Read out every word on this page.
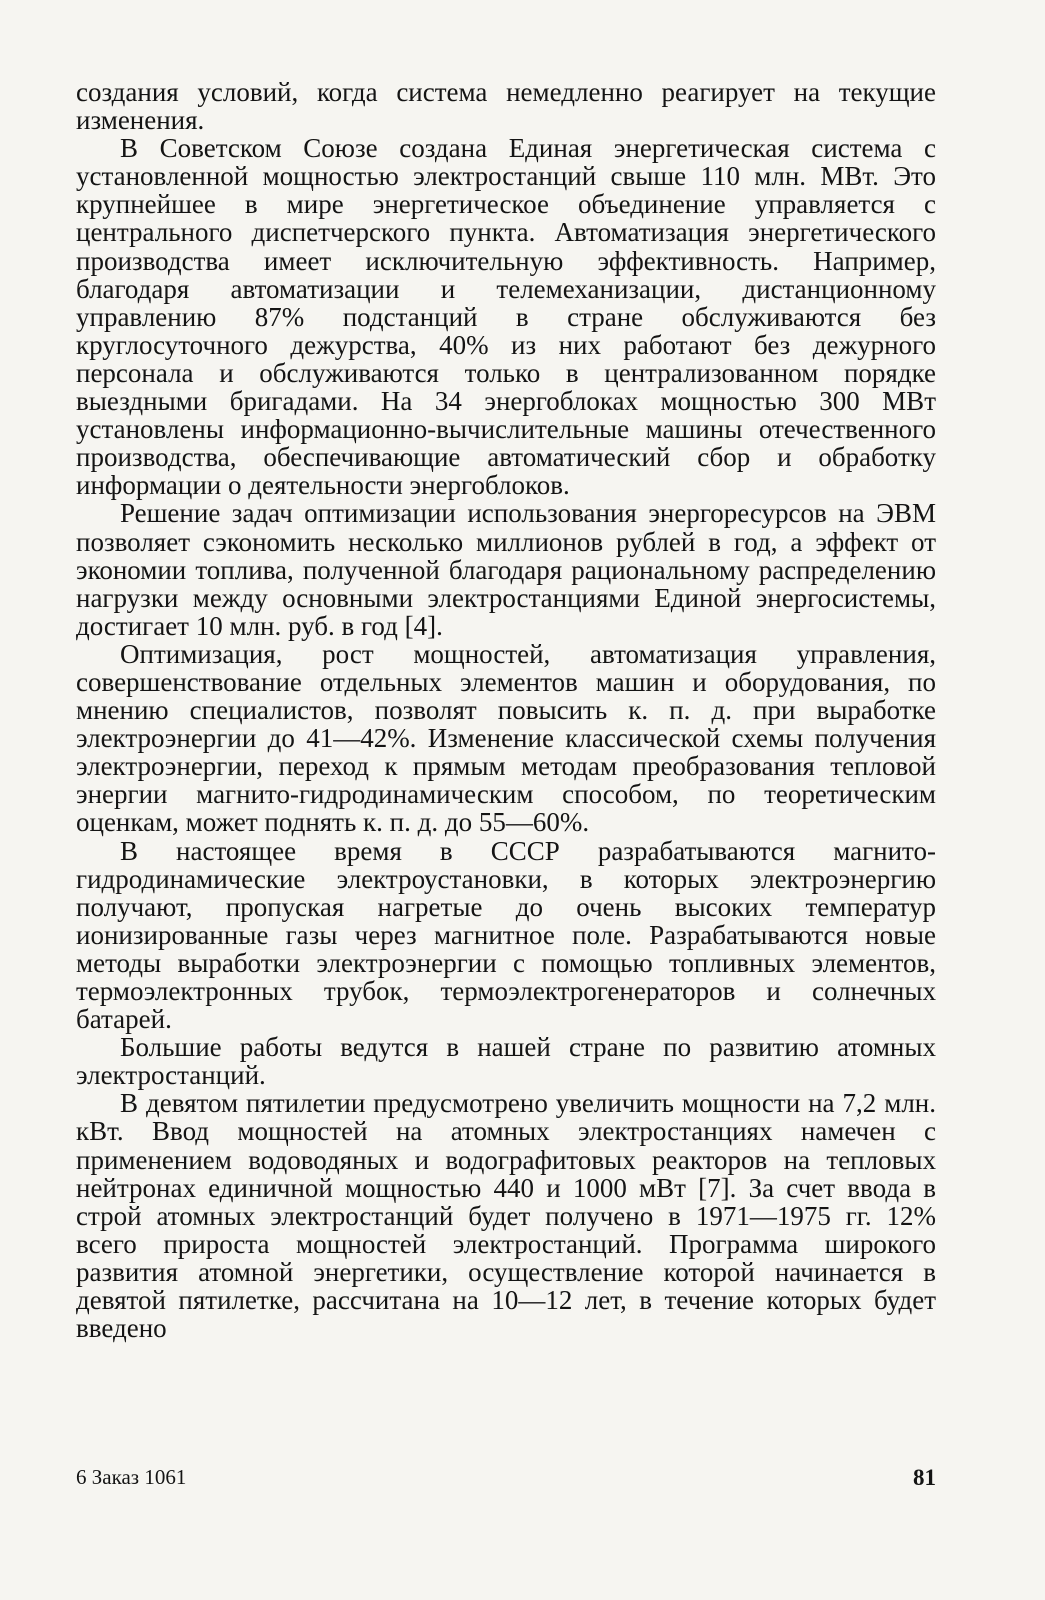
создания условий, когда система немедленно реагирует на текущие изменения.

В Советском Союзе создана Единая энергетическая система с установленной мощностью электростанций свыше 110 млн. МВт. Это крупнейшее в мире энергетическое объединение управляется с центрального диспетчерского пункта. Автоматизация энергетического производства имеет исключительную эффективность. Например, благодаря автоматизации и телемеханизации, дистанционному управлению 87% подстанций в стране обслуживаются без круглосуточного дежурства, 40% из них работают без дежурного персонала и обслуживаются только в централизованном порядке выездными бригадами. На 34 энергоблоках мощностью 300 МВт установлены информационно-вычислительные машины отечественного производства, обеспечивающие автоматический сбор и обработку информации о деятельности энергоблоков.

Решение задач оптимизации использования энергоресурсов на ЭВМ позволяет сэкономить несколько миллионов рублей в год, а эффект от экономии топлива, полученной благодаря рациональному распределению нагрузки между основными электростанциями Единой энергосистемы, достигает 10 млн. руб. в год [4].

Оптимизация, рост мощностей, автоматизация управления, совершенствование отдельных элементов машин и оборудования, по мнению специалистов, позволят повысить к. п. д. при выработке электроэнергии до 41—42%. Изменение классической схемы получения электроэнергии, переход к прямым методам преобразования тепловой энергии магнито-гидродинамическим способом, по теоретическим оценкам, может поднять к. п. д. до 55—60%.

В настоящее время в СССР разрабатываются магнитогидродинамические электроустановки, в которых электроэнергию получают, пропуская нагретые до очень высоких температур ионизированные газы через магнитное поле. Разрабатываются новые методы выработки электроэнергии с помощью топливных элементов, термоэлектронных трубок, термоэлектрогенераторов и солнечных батарей.

Большие работы ведутся в нашей стране по развитию атомных электростанций.

В девятом пятилетии предусмотрено увеличить мощности на 7,2 млн. кВт. Ввод мощностей на атомных электростанциях намечен с применением водоводяных и водографитовых реакторов на тепловых нейтронах единичной мощностью 440 и 1000 мВт [7]. За счет ввода в строй атомных электростанций будет получено в 1971—1975 гг. 12% всего прироста мощностей электростанций. Программа широкого развития атомной энергетики, осуществление которой начинается в девятой пятилетке, рассчитана на 10—12 лет, в течение которых будет введено

6 Заказ 1061	81
